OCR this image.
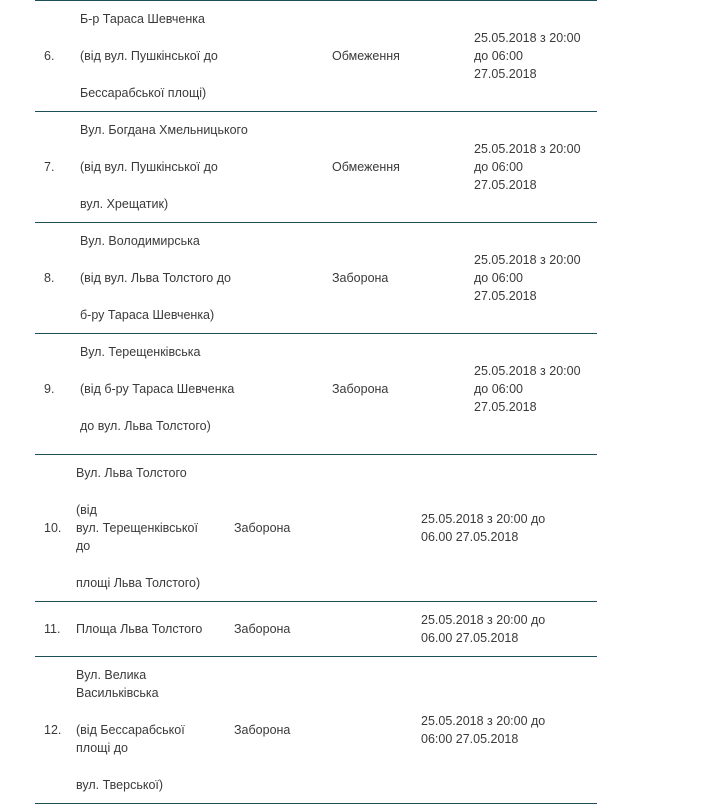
6.	Б-р Тараса Шевченка
(від вул. Пушкінської до
Бессарабської площі)	Обмеження	25.05.2018 з 20:00
до 06:00
27.05.2018

7.	Вул. Богдана Хмельницького
(від вул. Пушкінської до
вул. Хрещатик)	Обмеження	25.05.2018 з 20:00
до 06:00
27.05.2018

8.	Вул. Володимирська
(від вул. Льва Толстого до
б-ру Тараса Шевченка)	Заборона	25.05.2018 з 20:00
до 06:00
27.05.2018

9.	Вул. Терещенківська
(від б-ру Тараса Шевченка
до вул. Льва Толстого)	Заборона	25.05.2018 з 20:00
до 06:00
27.05.2018

10.	Вул. Льва Толстого
(від
вул. Терещенківської
до
площі Льва Толстого)	Заборона	25.05.2018 з 20:00 до
06.00 27.05.2018

11.	Площа Льва Толстого	Заборона	25.05.2018 з 20:00 до
06.00 27.05.2018

12.	Вул. Велика
Васильківська
(від Бессарабської
площі до
вул. Тверської)	Заборона	25.05.2018 з 20:00 до
06:00 27.05.2018
